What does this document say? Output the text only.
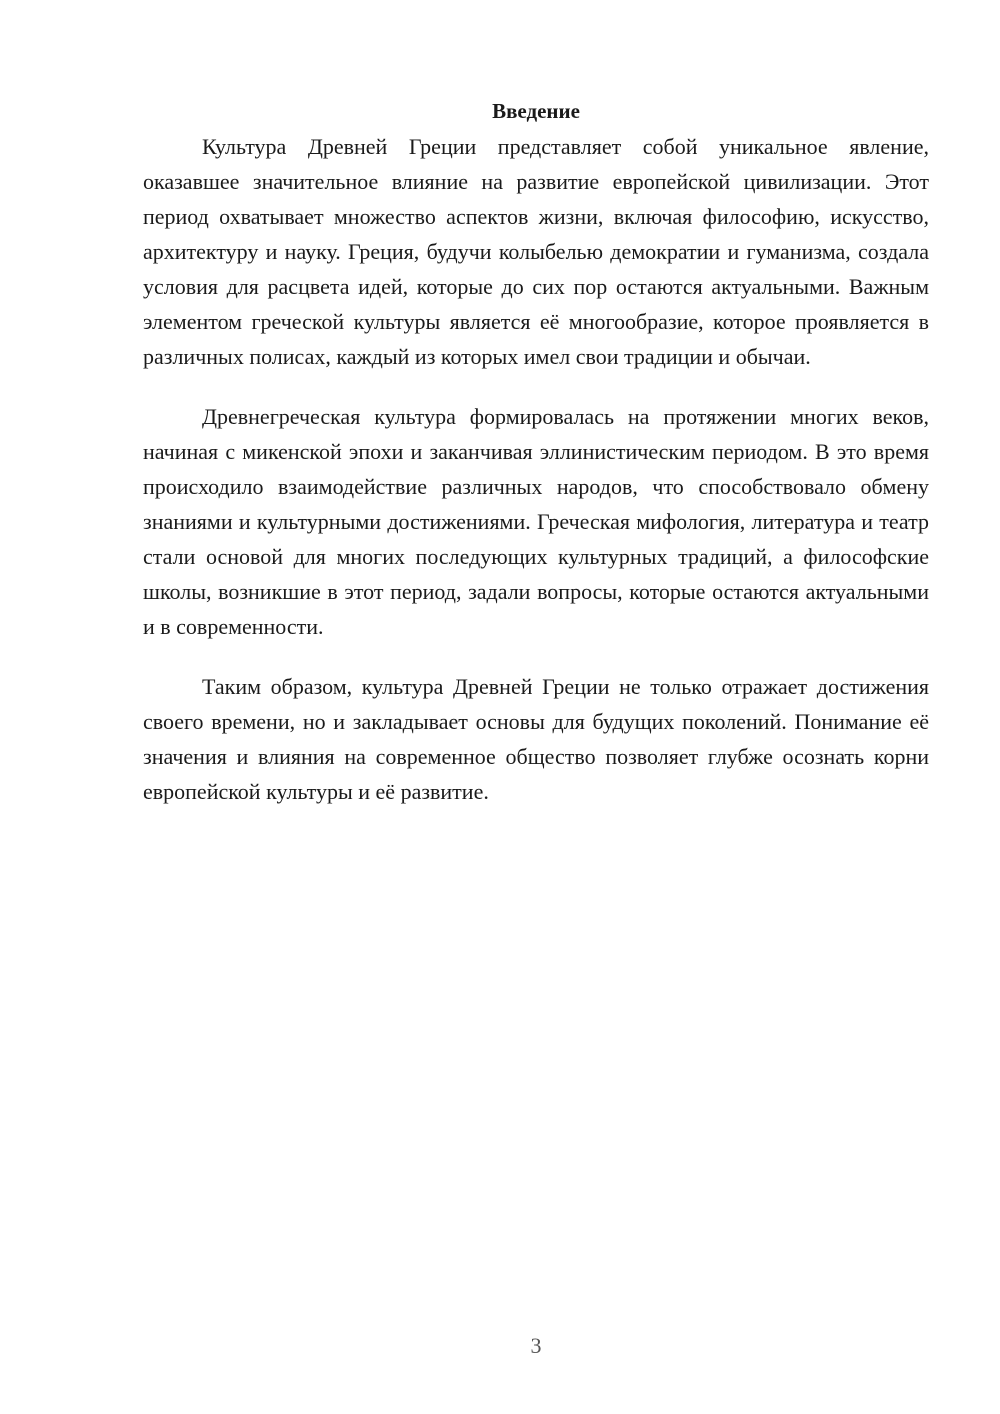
Введение

Культура Древней Греции представляет собой уникальное явление, оказавшее значительное влияние на развитие европейской цивилизации. Этот период охватывает множество аспектов жизни, включая философию, искусство, архитектуру и науку. Греция, будучи колыбелью демократии и гуманизма, создала условия для расцвета идей, которые до сих пор остаются актуальными. Важным элементом греческой культуры является её многообразие, которое проявляется в различных полисах, каждый из которых имел свои традиции и обычаи.

Древнегреческая культура формировалась на протяжении многих веков, начиная с микенской эпохи и заканчивая эллинистическим периодом. В это время происходило взаимодействие различных народов, что способствовало обмену знаниями и культурными достижениями. Греческая мифология, литература и театр стали основой для многих последующих культурных традиций, а философские школы, возникшие в этот период, задали вопросы, которые остаются актуальными и в современности.

Таким образом, культура Древней Греции не только отражает достижения своего времени, но и закладывает основы для будущих поколений. Понимание её значения и влияния на современное общество позволяет глубже осознать корни европейской культуры и её развитие.

3
